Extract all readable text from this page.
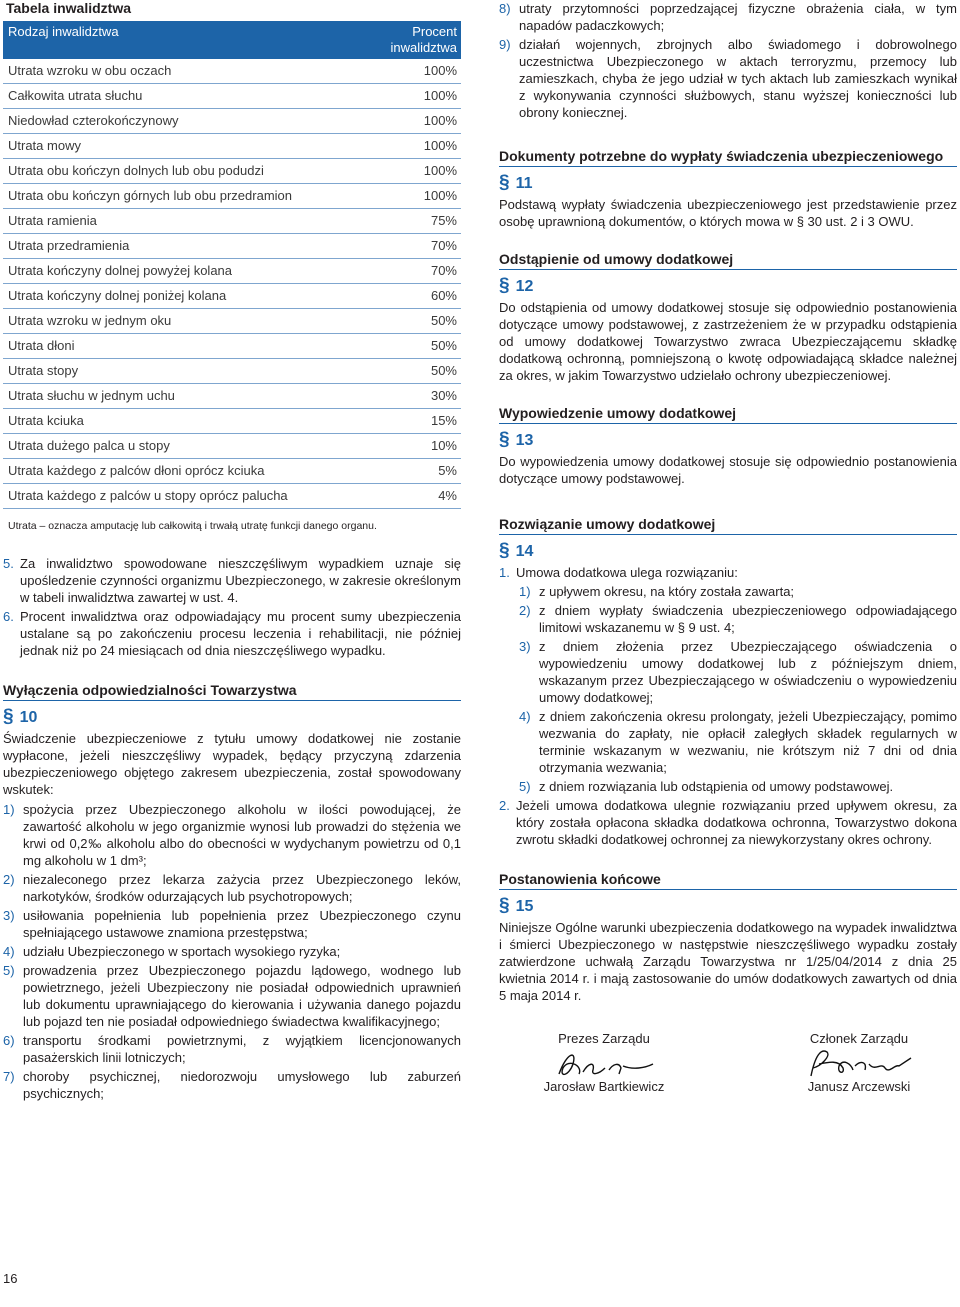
Tabela inwalidztwa
Rodzaj inwalidztwa	Procent inwalidztwa
Utrata wzroku w obu oczach	100%
Całkowita utrata słuchu	100%
Niedowład czterokończynowy	100%
Utrata mowy	100%
Utrata obu kończyn dolnych lub obu podudzi	100%
Utrata obu kończyn górnych lub obu przedramion	100%
Utrata ramienia	75%
Utrata przedramienia	70%
Utrata kończyny dolnej powyżej kolana	70%
Utrata kończyny dolnej poniżej kolana	60%
Utrata wzroku w jednym oku	50%
Utrata dłoni	50%
Utrata stopy	50%
Utrata słuchu w jednym uchu	30%
Utrata kciuka	15%
Utrata dużego palca u stopy	10%
Utrata każdego z palców dłoni oprócz kciuka	5%
Utrata każdego z palców u stopy oprócz palucha	4%
Utrata – oznacza amputację lub całkowitą i trwałą utratę funkcji danego organu.
5. Za inwalidztwo spowodowane nieszczęśliwym wypadkiem uznaje się upośledzenie czynności organizmu Ubezpieczonego, w zakresie określonym w tabeli inwalidztwa zawartej w ust. 4.
6. Procent inwalidztwa oraz odpowiadający mu procent sumy ubezpieczenia ustalane są po zakończeniu procesu leczenia i rehabilitacji, nie później jednak niż po 24 miesiącach od dnia nieszczęśliwego wypadku.
Wyłączenia odpowiedzialności Towarzystwa
§ 10
Świadczenie ubezpieczeniowe z tytułu umowy dodatkowej nie zostanie wypłacone, jeżeli nieszczęśliwy wypadek, będący przyczyną zdarzenia ubezpieczeniowego objętego zakresem ubezpieczenia, został spowodowany wskutek:
1) spożycia przez Ubezpieczonego alkoholu w ilości powodującej, że zawartość alkoholu w jego organizmie wynosi lub prowadzi do stężenia we krwi od 0,2‰ alkoholu albo do obecności w wydychanym powietrzu od 0,1 mg alkoholu w 1 dm³;
2) niezaleconego przez lekarza zażycia przez Ubezpieczonego leków, narkotyków, środków odurzających lub psychotropowych;
3) usiłowania popełnienia lub popełnienia przez Ubezpieczonego czynu spełniającego ustawowe znamiona przestępstwa;
4) udziału Ubezpieczonego w sportach wysokiego ryzyka;
5) prowadzenia przez Ubezpieczonego pojazdu lądowego, wodnego lub powietrznego, jeżeli Ubezpieczony nie posiadał odpowiednich uprawnień lub dokumentu uprawniającego do kierowania i używania danego pojazdu lub pojazd ten nie posiadał odpowiedniego świadectwa kwalifikacyjnego;
6) transportu środkami powietrznymi, z wyjątkiem licencjonowanych pasażerskich linii lotniczych;
7) choroby psychicznej, niedorozwoju umysłowego lub zaburzeń psychicznych;
16
8) utraty przytomności poprzedzającej fizyczne obrażenia ciała, w tym napadów padaczkowych;
9) działań wojennych, zbrojnych albo świadomego i dobrowolnego uczestnictwa Ubezpieczonego w aktach terroryzmu, przemocy lub zamieszkach, chyba że jego udział w tych aktach lub zamieszkach wynikał z wykonywania czynności służbowych, stanu wyższej konieczności lub obrony koniecznej.
Dokumenty potrzebne do wypłaty świadczenia ubezpieczeniowego
§ 11
Podstawą wypłaty świadczenia ubezpieczeniowego jest przedstawienie przez osobę uprawnioną dokumentów, o których mowa w § 30 ust. 2 i 3 OWU.
Odstąpienie od umowy dodatkowej
§ 12
Do odstąpienia od umowy dodatkowej stosuje się odpowiednio postanowienia dotyczące umowy podstawowej, z zastrzeżeniem że w przypadku odstąpienia od umowy dodatkowej Towarzystwo zwraca Ubezpieczającemu składkę dodatkową ochronną, pomniejszoną o kwotę odpowiadającą składce należnej za okres, w jakim Towarzystwo udzielało ochrony ubezpieczeniowej.
Wypowiedzenie umowy dodatkowej
§ 13
Do wypowiedzenia umowy dodatkowej stosuje się odpowiednio postanowienia dotyczące umowy podstawowej.
Rozwiązanie umowy dodatkowej
§ 14
1. Umowa dodatkowa ulega rozwiązaniu:
1) z upływem okresu, na który została zawarta;
2) z dniem wypłaty świadczenia ubezpieczeniowego odpowiadającego limitowi wskazanemu w § 9 ust. 4;
3) z dniem złożenia przez Ubezpieczającego oświadczenia o wypowiedzeniu umowy dodatkowej lub z późniejszym dniem, wskazanym przez Ubezpieczającego w oświadczeniu o wypowiedzeniu umowy dodatkowej;
4) z dniem zakończenia okresu prolongaty, jeżeli Ubezpieczający, pomimo wezwania do zapłaty, nie opłacił zaległych składek regularnych w terminie wskazanym w wezwaniu, nie krótszym niż 7 dni od dnia otrzymania wezwania;
5) z dniem rozwiązania lub odstąpienia od umowy podstawowej.
2. Jeżeli umowa dodatkowa ulegnie rozwiązaniu przed upływem okresu, za który została opłacona składka dodatkowa ochronna, Towarzystwo dokona zwrotu składki dodatkowej ochronnej za niewykorzystany okres ochrony.
Postanowienia końcowe
§ 15
Niniejsze Ogólne warunki ubezpieczenia dodatkowego na wypadek inwalidztwa i śmierci Ubezpieczonego w następstwie nieszczęśliwego wypadku zostały zatwierdzone uchwałą Zarządu Towarzystwa nr 1/25/04/2014 z dnia 25 kwietnia 2014 r. i mają zastosowanie do umów dodatkowych zawartych od dnia 5 maja 2014 r.
Prezes Zarządu
Jarosław Bartkiewicz
Członek Zarządu
Janusz Arczewski
